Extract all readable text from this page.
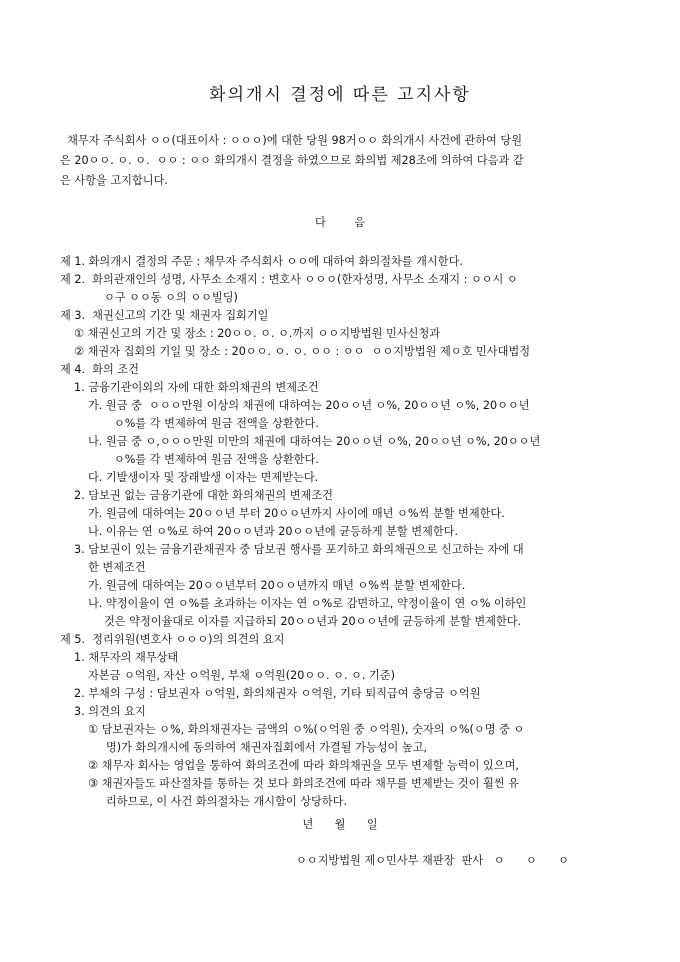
화의개시 결정에 따른 고지사항
채무자 주식회사 ㅇㅇ(대표이사 : ㅇㅇㅇ)에 대한 당원 98거ㅇㅇ 화의개시 사건에 관하여 당원
은 20ㅇㅇ. ㅇ. ㅇ.  ㅇㅇ : ㅇㅇ 화의개시 결정을 하였으므로 화의법 제28조에 의하여 다음과 같
은 사항을 고지합니다.
다        음
제 1. 화의개시 결정의 주문 : 채무자 주식회사 ㅇㅇ에 대하여 화의절차를 개시한다.
제 2.  화의관재인의 성명, 사무소 소재지 : 변호사 ㅇㅇㅇ(한자성명, 사무소 소재지 : ㅇㅇ시 ㅇ
ㅇ구 ㅇㅇ동 ㅇ의 ㅇㅇ빌딩)
제 3.  채권신고의 기간 및 채권자 집회기일
① 채권신고의 기간 및 장소 : 20ㅇㅇ. ㅇ. ㅇ.까지 ㅇㅇ지방법원 민사신청과
② 채권자 집회의 기일 및 장소 : 20ㅇㅇ. ㅇ. ㅇ. ㅇㅇ : ㅇㅇ  ㅇㅇ지방법원 제ㅇ호 민사대법정
제 4.  화의 조건
1. 금융기관이외의 자에 대한 화의채권의 변제조건
가. 원금 중  ㅇㅇㅇ만원 이상의 채권에 대하여는 20ㅇㅇ년 ㅇ%, 20ㅇㅇ년 ㅇ%, 20ㅇㅇ년
ㅇ%를 각 변제하여 원금 전액을 상환한다.
나. 원금 중 ㅇ,ㅇㅇㅇ만원 미만의 채권에 대하여는 20ㅇㅇ년 ㅇ%, 20ㅇㅇ년 ㅇ%, 20ㅇㅇ년
ㅇ%를 각 변제하여 원금 전액을 상환한다.
다. 기발생이자 및 장래발생 이자는 면제받는다.
2. 담보권 없는 금융기관에 대한 화의채권의 변제조건
가. 원금에 대하여는 20ㅇㅇ년 부터 20ㅇㅇ년까지 사이에 매년 ㅇ%씩 분할 변제한다.
나. 이유는 연 ㅇ%로 하여 20ㅇㅇ년과 20ㅇㅇ년에 균등하게 분할 변제한다.
3. 담보권이 있는 금융기관채권자 중 담보권 행사를 포기하고 화의채권으로 신고하는 자에 대
한 변제조건
가. 원금에 대하여는 20ㅇㅇ년부터 20ㅇㅇ년까지 매년 ㅇ%씩 분할 변제한다.
나. 약정이율이 연 ㅇ%를 초과하는 이자는 연 ㅇ%로 감면하고, 약정이율이 연 ㅇ% 이하인
것은 약정이율대로 이자를 지급하되 20ㅇㅇ년과 20ㅇㅇ년에 균등하게 분할 변제한다.
제 5.  정리위원(변호사 ㅇㅇㅇ)의 의견의 요지
1. 채무자의 재무상태
자본금 ㅇ억원, 자산 ㅇ억원, 부채 ㅇ억원(20ㅇㅇ. ㅇ. ㅇ. 기준)
2. 부채의 구성 : 담보권자 ㅇ억원, 화의채권자 ㅇ억원, 기타 퇴직급여 충당금 ㅇ억원
3. 의견의 요지
① 담보권자는 ㅇ%, 화의채권자는 금액의 ㅇ%(ㅇ억원 중 ㅇ억원), 숫자의 ㅇ%(ㅇ명 중 ㅇ
명)가 화의개시에 동의하여 채권자집회에서 가결될 가능성이 높고,
② 채무자 회사는 영업을 통하여 화의조건에 따라 화의채권을 모두 변제할 능력이 있으며,
③ 채권자들도 파산절차를 통하는 것 보다 화의조건에 따라 채무를 변제받는 것이 훨씬 유
리하므로, 이 사건 화의절차는 개시함이 상당하다.
년      월      일
ㅇㅇ지방법원 제ㅇ민사부 재판장  판사   ㅇ      ㅇ      ㅇ
